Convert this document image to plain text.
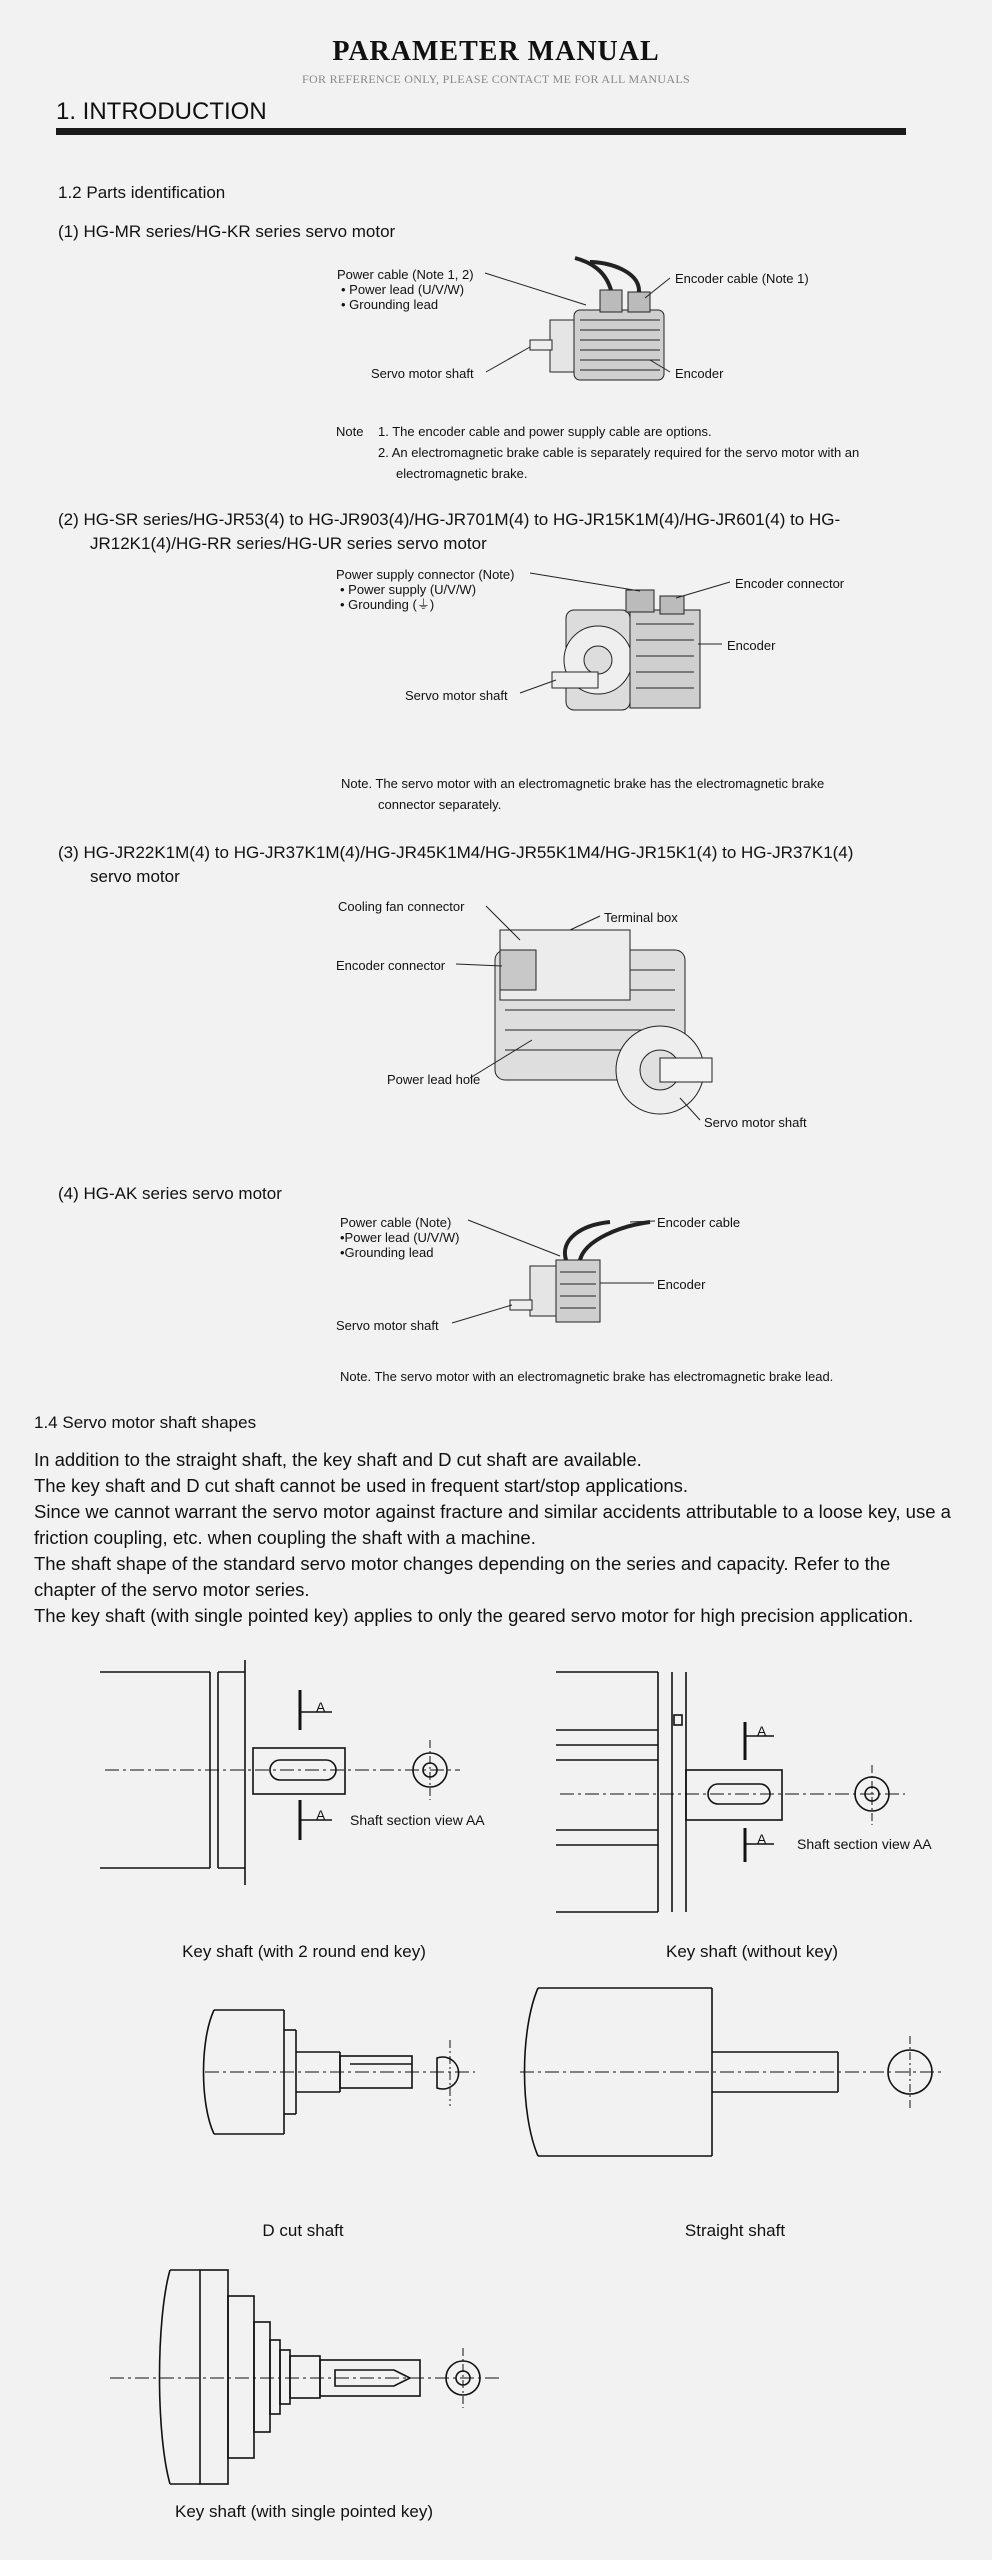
PARAMETER MANUAL
FOR REFERENCE ONLY, PLEASE CONTACT ME FOR ALL MANUALS
1. INTRODUCTION
1.2 Parts identification
(1) HG-MR series/HG-KR series servo motor
Power cable (Note 1, 2)
• Power lead (U/V/W)
• Grounding lead
Encoder cable (Note 1)
Encoder
Servo motor shaft
Note 1. The encoder cable and power supply cable are options.
2. An electromagnetic brake cable is separately required for the servo motor with an
electromagnetic brake.
(2) HG-SR series/HG-JR53(4) to HG-JR903(4)/HG-JR701M(4) to HG-JR15K1M(4)/HG-JR601(4) to HG-
JR12K1(4)/HG-RR series/HG-UR series servo motor
Power supply connector (Note)
• Power supply (U/V/W)
• Grounding (⏚)
Encoder connector
Encoder
Servo motor shaft
Note. The servo motor with an electromagnetic brake has the electromagnetic brake
connector separately.
(3) HG-JR22K1M(4) to HG-JR37K1M(4)/HG-JR45K1M4/HG-JR55K1M4/HG-JR15K1(4) to HG-JR37K1(4)
servo motor
Cooling fan connector
Terminal box
Encoder connector
Power lead hole
Servo motor shaft
(4) HG-AK series servo motor
Power cable (Note)
•Power lead (U/V/W)
•Grounding lead
Encoder cable
Encoder
Servo motor shaft
Note. The servo motor with an electromagnetic brake has electromagnetic brake lead.
1.4 Servo motor shaft shapes
In addition to the straight shaft, the key shaft and D cut shaft are available.
The key shaft and D cut shaft cannot be used in frequent start/stop applications.
Since we cannot warrant the servo motor against fracture and similar accidents attributable to a loose key, use a friction coupling, etc. when coupling the shaft with a machine.
The shaft shape of the standard servo motor changes depending on the series and capacity. Refer to the chapter of the servo motor series.
The key shaft (with single pointed key) applies to only the geared servo motor for high precision application.
A
A Shaft section view AA
Key shaft (with 2 round end key)
A
A Shaft section view AA
Key shaft (without key)
D cut shaft	Straight shaft
Key shaft (with single pointed key)
